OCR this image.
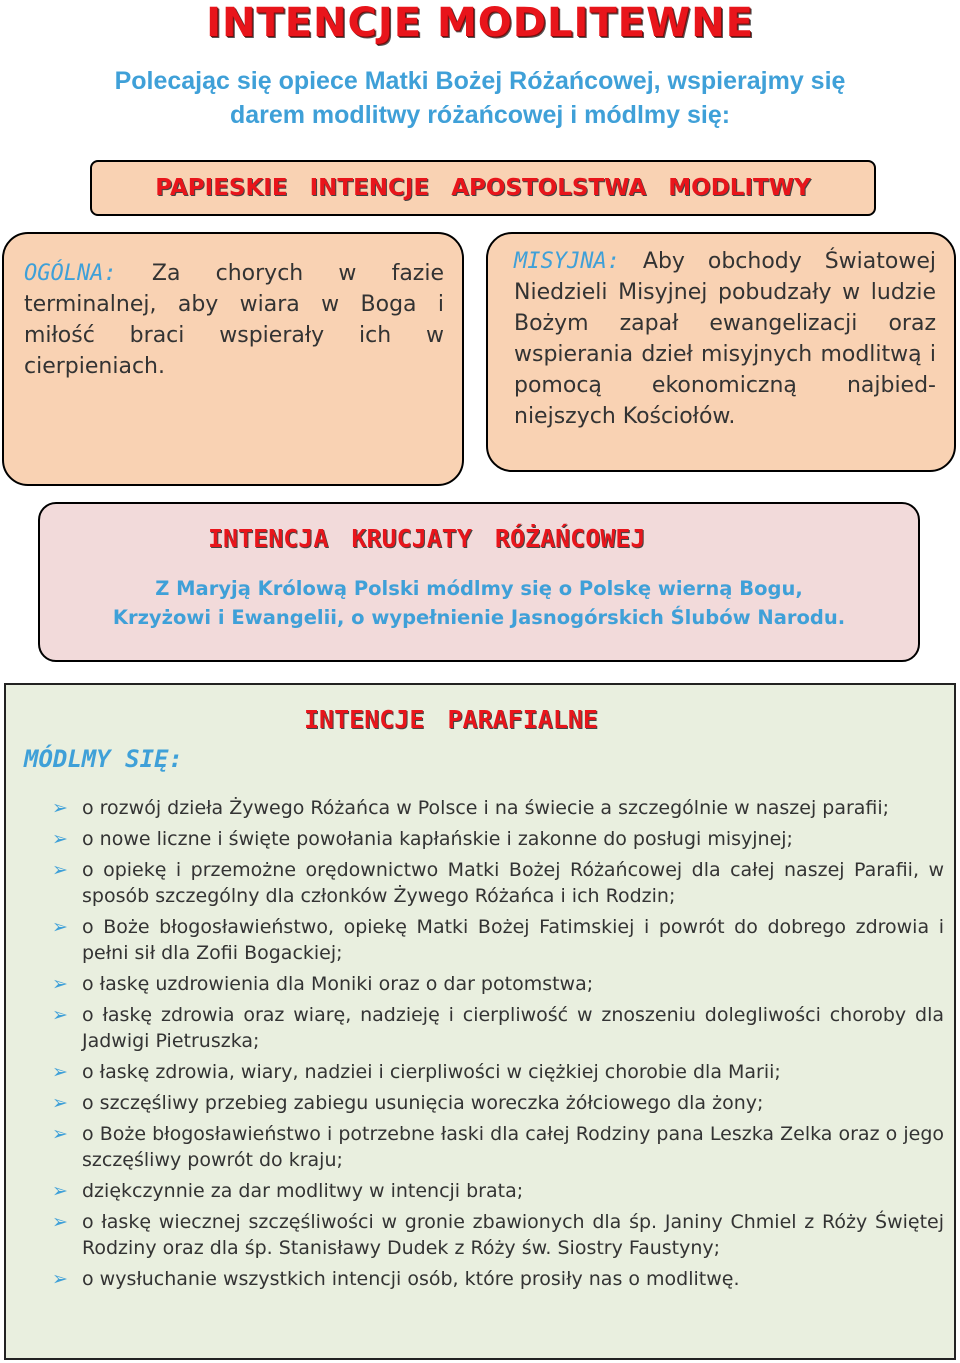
INTENCJE MODLITEWNE
Polecając się opiece Matki Bożej Różańcowej, wspierajmy się
darem modlitwy różańcowej i módlmy się:
PAPIESKIE INTENCJE APOSTOLSTWA MODLITWY
OGÓLNA: Za chorych w fazie terminalnej, aby wiara w Boga i miłość braci wspierały ich w cierpieniach.
MISYJNA: Aby obchody Światowej Niedzieli Misyjnej pobudzały w ludzie Bożym zapał ewangelizacji oraz wspierania dzieł misyjnych modlitwą i pomocą ekonomiczną najbied-niejszych Kościołów.
INTENCJA KRUCJATY RÓŻAŃCOWEJ
Z Maryją Królową Polski módlmy się o Polskę wierną Bogu,
Krzyżowi i Ewangelii, o wypełnienie Jasnogórskich Ślubów Narodu.
INTENCJE PARAFIALNE
MÓDLMY SIĘ:
➢ o rozwój dzieła Żywego Różańca w Polsce i na świecie a szczególnie w naszej parafii;
➢ o nowe liczne i święte powołania kapłańskie i zakonne do posługi misyjnej;
➢ o opiekę i przemożne orędownictwo Matki Bożej Różańcowej dla całej naszej Parafii, w sposób szczególny dla członków Żywego Różańca i ich Rodzin;
➢ o Boże błogosławieństwo, opiekę Matki Bożej Fatimskiej i powrót do dobrego zdrowia i pełni sił dla Zofii Bogackiej;
➢ o łaskę uzdrowienia dla Moniki oraz o dar potomstwa;
➢ o łaskę zdrowia oraz wiarę, nadzieję i cierpliwość w znoszeniu dolegliwości choroby dla Jadwigi Pietruszka;
➢ o łaskę zdrowia, wiary, nadziei i cierpliwości w ciężkiej chorobie dla Marii;
➢ o szczęśliwy przebieg zabiegu usunięcia woreczka żółciowego dla żony;
➢ o Boże błogosławieństwo i potrzebne łaski dla całej Rodziny pana Leszka Zelka oraz o jego szczęśliwy powrót do kraju;
➢ dziękczynnie za dar modlitwy w intencji brata;
➢ o łaskę wiecznej szczęśliwości w gronie zbawionych dla śp. Janiny Chmiel z Róży Świętej Rodziny oraz dla śp. Stanisławy Dudek z Róży św. Siostry Faustyny;
➢ o wysłuchanie wszystkich intencji osób, które prosiły nas o modlitwę.
